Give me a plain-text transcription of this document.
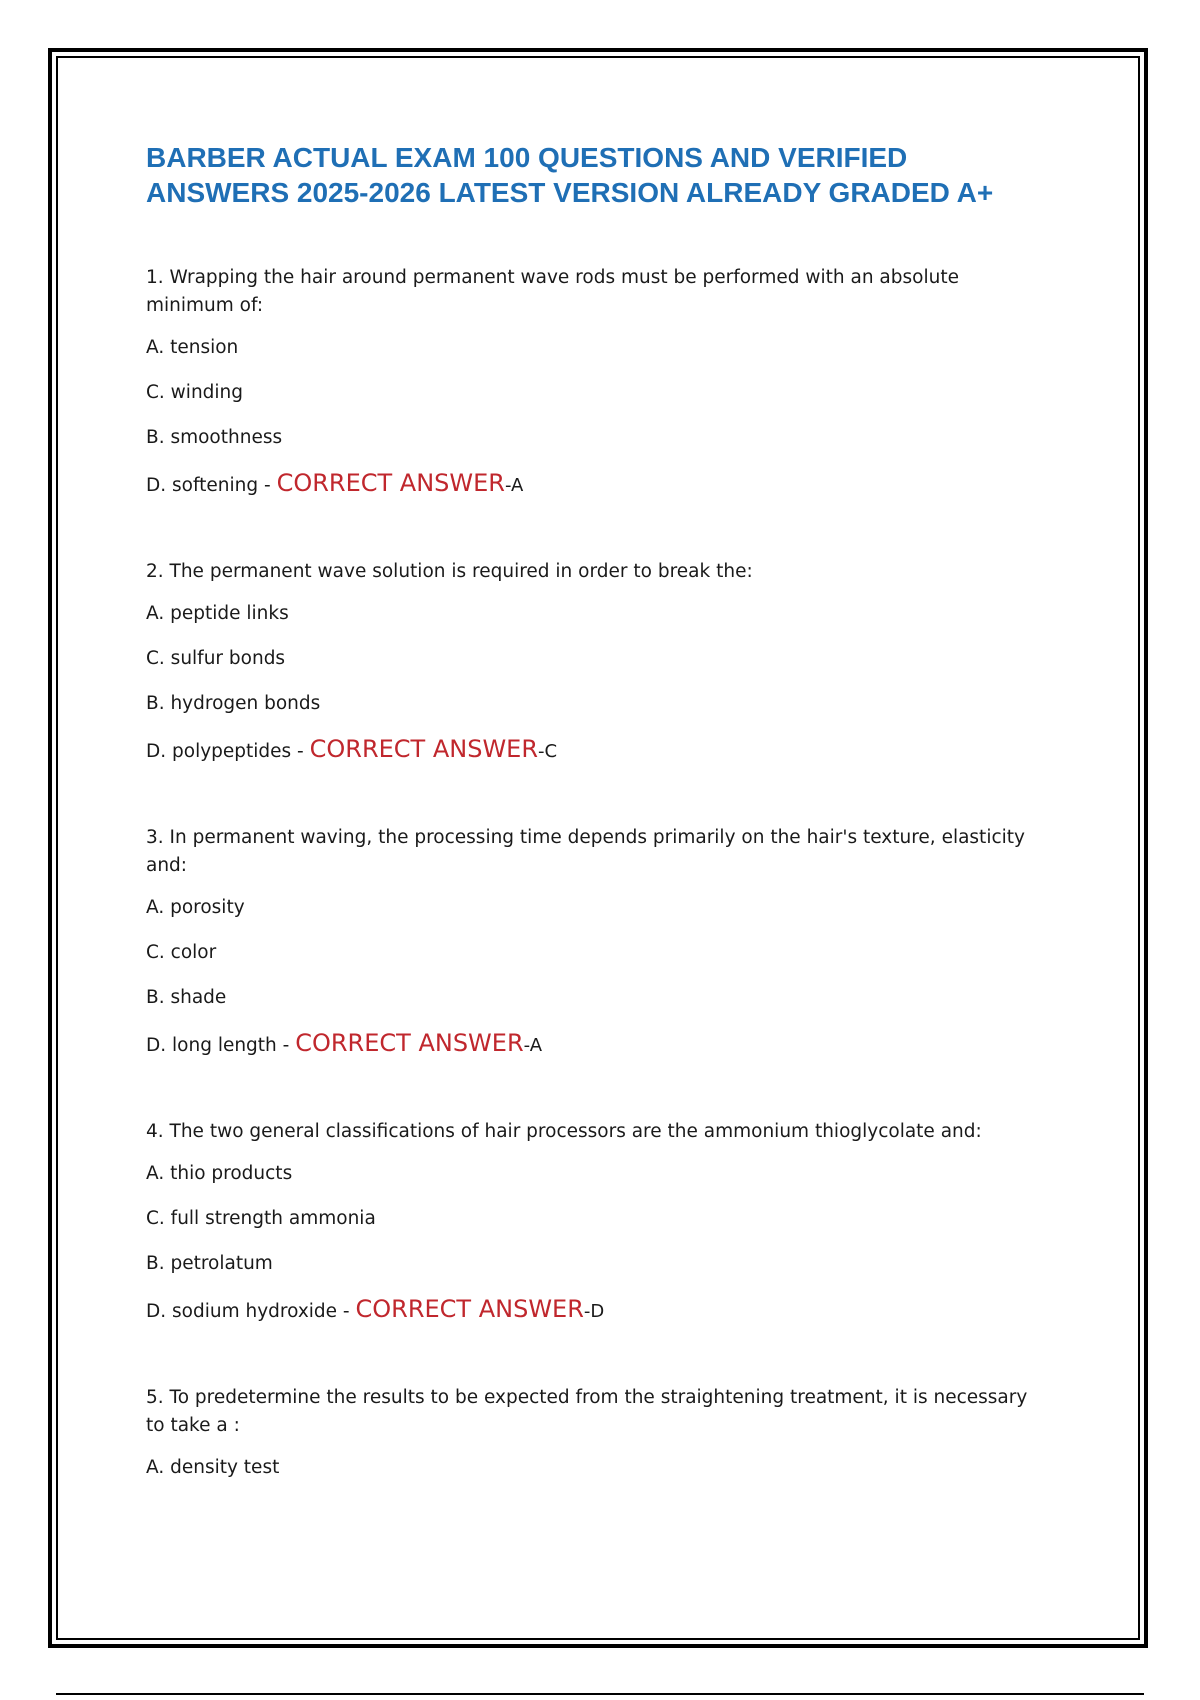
BARBER ACTUAL EXAM 100 QUESTIONS AND VERIFIED
ANSWERS 2025-2026 LATEST VERSION ALREADY GRADED A+
1. Wrapping the hair around permanent wave rods must be performed with an absolute minimum of:
A. tension
C. winding
B. smoothness
D. softening - CORRECT ANSWER-A
2. The permanent wave solution is required in order to break the:
A. peptide links
C. sulfur bonds
B. hydrogen bonds
D. polypeptides - CORRECT ANSWER-C
3. In permanent waving, the processing time depends primarily on the hair's texture, elasticity and:
A. porosity
C. color
B. shade
D. long length - CORRECT ANSWER-A
4. The two general classifications of hair processors are the ammonium thioglycolate and:
A. thio products
C. full strength ammonia
B. petrolatum
D. sodium hydroxide - CORRECT ANSWER-D
5. To predetermine the results to be expected from the straightening treatment, it is necessary to take a :
A. density test
